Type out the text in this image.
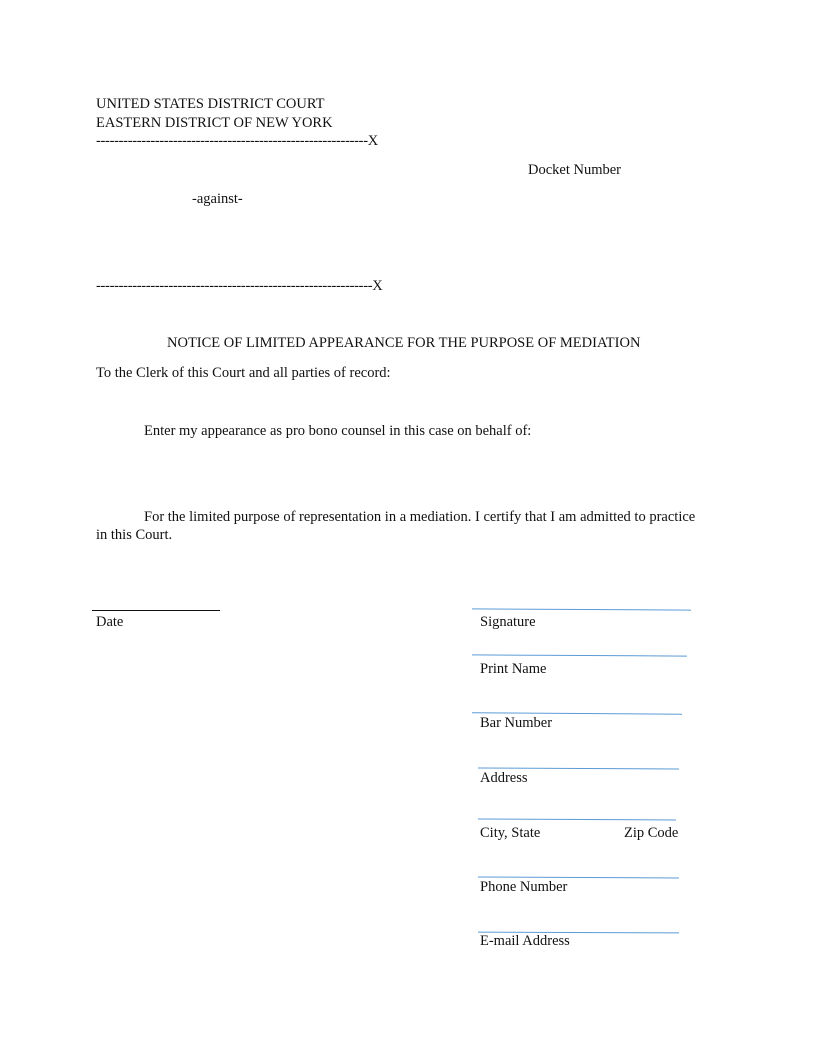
UNITED STATES DISTRICT COURT
EASTERN DISTRICT OF NEW YORK
------------------------------------------------------------X
Docket Number
-against-
-------------------------------------------------------------X
NOTICE OF LIMITED APPEARANCE FOR THE PURPOSE OF MEDIATION
To the Clerk of this Court and all parties of record:
Enter my appearance as pro bono counsel in this case on behalf of:
For the limited purpose of representation in a mediation. I certify that I am admitted to practice
in this Court.
Date	Signature
Print Name
Bar Number
Address
City, State	Zip Code
Phone Number
E-mail Address
